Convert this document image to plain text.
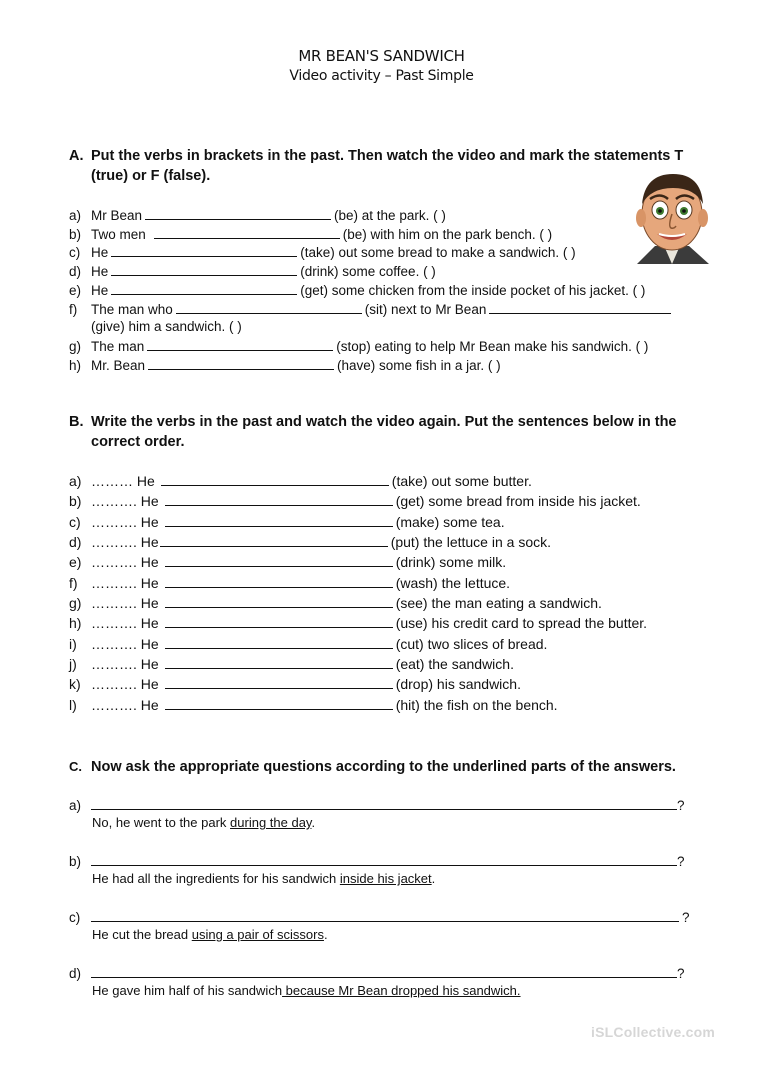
MR BEAN'S SANDWICH
Video activity – Past Simple
A. Put the verbs in brackets in the past. Then watch the video and mark the statements T (true) or F (false).
a) Mr Bean	(be) at the park. ( )
b) Two men	(be) with him on the park bench. ( )
c) He	(take) out some bread to make a sandwich. ( )
d) He	(drink) some coffee. ( )
e) He	(get) some chicken from the inside pocket of his jacket. ( )
f) The man who	(sit) next to Mr Bean
(give) him a sandwich. ( )
g) The man	(stop) eating to help Mr Bean make his sandwich. ( )
h) Mr. Bean	(have) some fish in a jar. ( )
B. Write the verbs in the past and watch the video again. Put the sentences below in the correct order.
a) ……… He	(take) out some butter.
b) ………. He	(get) some bread from inside his jacket.
c) ………. He	(make) some tea.
d) ………. He	(put) the lettuce in a sock.
e) ………. He	(drink) some milk.
f) ………. He	(wash) the lettuce.
g) ………. He	(see) the man eating a sandwich.
h) ………. He	(use) his credit card to spread the butter.
i) ………. He	(cut) two slices of bread.
j) ………. He	(eat) the sandwich.
k) ………. He	(drop) his sandwich.
l) ………. He	(hit) the fish on the bench.
C. Now ask the appropriate questions according to the underlined parts of the answers.
a)	?
No, he went to the park during the day.
b)	?
He had all the ingredients for his sandwich inside his jacket.
c)	?
He cut the bread using a pair of scissors.
d)	?
He gave him half of his sandwich because Mr Bean dropped his sandwich.
iSLCollective.com
